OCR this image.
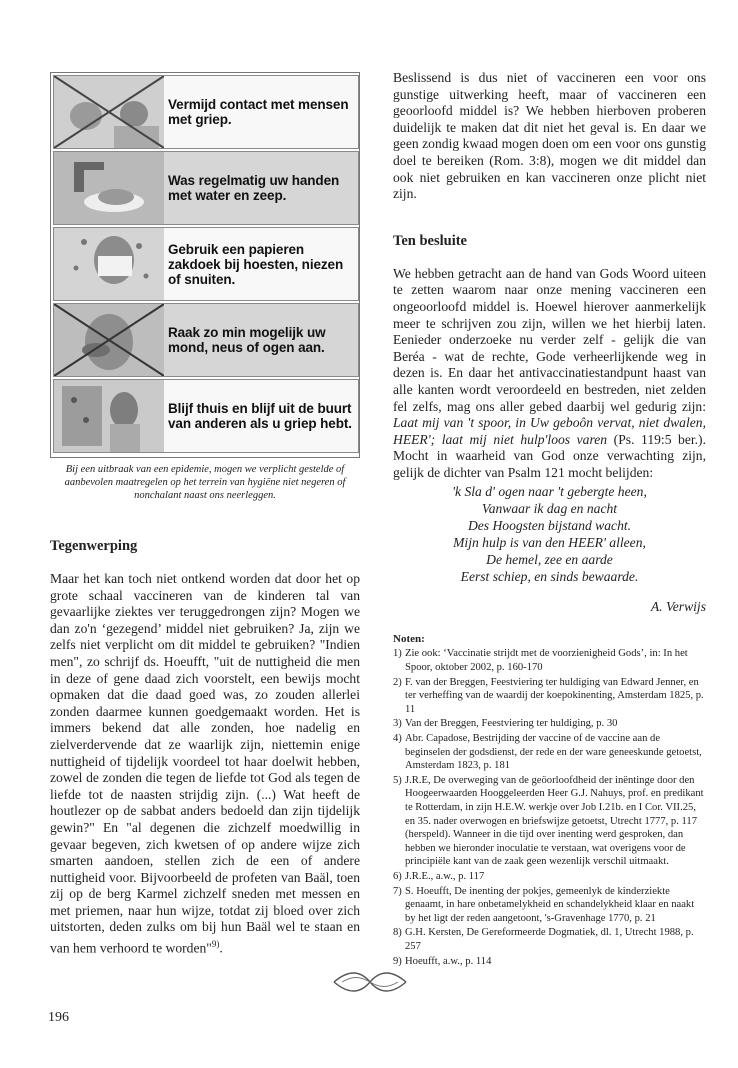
Vermijd contact met mensen met griep.
Was regelmatig uw handen met water en zeep.
Gebruik een papieren zakdoek bij hoesten, niezen of snuiten.
Raak zo min mogelijk uw mond, neus of ogen aan.
Blijf thuis en blijf uit de buurt van anderen als u griep hebt.

Bij een uitbraak van een epidemie, mogen we verplicht gestelde of aanbevolen maatregelen op het terrein van hygiëne niet negeren of nonchalant naast ons neerleggen.

Tegenwerping

Maar het kan toch niet ontkend worden dat door het op grote schaal vaccineren van de kinderen tal van gevaarlijke ziektes ver teruggedrongen zijn? Mogen we dan zo'n ‘gezegend’ middel niet gebruiken? Ja, zijn we zelfs niet verplicht om dit middel te gebruiken? "Indien men", zo schrijf ds. Hoeufft, "uit de nuttigheid die men in deze of gene daad zich voorstelt, een bewijs mocht opmaken dat die daad goed was, zo zouden allerlei zonden daarmee kunnen goedgemaakt worden. Het is immers bekend dat alle zonden, hoe nadelig en zielverdervende dat ze waarlijk zijn, niettemin enige nuttigheid of tijdelijk voordeel tot haar doelwit hebben, zowel de zonden die tegen de liefde tot God als tegen de liefde tot de naasten strijdig zijn. (...) Wat heeft de houtlezer op de sabbat anders bedoeld dan zijn tijdelijk gewin?" En "al degenen die zichzelf moedwillig in gevaar begeven, zich kwetsen of op andere wijze zich smarten aandoen, stellen zich de een of andere nuttigheid voor. Bijvoorbeeld de profeten van Baäl, toen zij op de berg Karmel zichzelf sneden met messen en met priemen, naar hun wijze, totdat zij bloed over zich uitstorten, deden zulks om bij hun Baäl wel te staan en van hem verhoord te worden"$^{9)}$.

Beslissend is dus niet of vaccineren een voor ons gunstige uitwerking heeft, maar of vaccineren een geoorloofd middel is? We hebben hierboven proberen duidelijk te maken dat dit niet het geval is. En daar we geen zondig kwaad mogen doen om een voor ons gunstig doel te bereiken (Rom. 3:8), mogen we dit middel dan ook niet gebruiken en kan vaccineren onze plicht niet zijn.

Ten besluite

We hebben getracht aan de hand van Gods Woord uiteen te zetten waarom naar onze mening vaccineren een ongeoorloofd middel is. Hoewel hierover aanmerkelijk meer te schrijven zou zijn, willen we het hierbij laten. Eenieder onderzoeke nu verder zelf - gelijk die van Beréa - wat de rechte, Gode verheerlijkende weg in dezen is. En daar het antivaccinatiestandpunt haast van alle kanten wordt veroordeeld en bestreden, niet zelden fel zelfs, mag ons aller gebed daarbij wel gedurig zijn: Laat mij van 't spoor, in Uw geboôn vervat, niet dwalen, HEER'; laat mij niet hulp'loos varen (Ps. 119:5 ber.). Mocht in waarheid van God onze verwachting zijn, gelijk de dichter van Psalm 121 mocht belijden:

'k Sla d' ogen naar 't gebergte heen,

Vanwaar ik dag en nacht

Des Hoogsten bijstand wacht.

Mijn hulp is van den HEER' alleen,

De hemel, zee en aarde

Eerst schiep, en sinds bewaarde.

A. Verwijs

Noten:

1) Zie ook: ‘Vaccinatie strijdt met de voorzienigheid Gods’, in: In het Spoor, oktober 2002, p. 160-170
2) F. van der Breggen, Feestviering ter huldiging van Edward Jenner, en ter verheffing van de waardij der koepokinenting, Amsterdam 1825, p. 11
3) Van der Breggen, Feestviering ter huldiging, p. 30
4) Abr. Capadose, Bestrijding der vaccine of de vaccine aan de beginselen der godsdienst, der rede en der ware geneeskunde getoetst, Amsterdam 1823, p. 181
5) J.R.E, De overweging van de geöorloofdheid der inëntinge door den Hoogeerwaarden Hooggeleerden Heer G.J. Nahuys, prof. en predikant te Rotterdam, in zijn H.E.W. werkje over Job I.21b. en I Cor. VII.25, en 35. nader overwogen en briefswijze getoetst, Utrecht 1777, p. 117 (herspeld). Wanneer in die tijd over inenting werd gesproken, dan hebben we hieronder inoculatie te verstaan, wat overigens voor de principiële kant van de zaak geen wezenlijk verschil uitmaakt.
6) J.R.E., a.w., p. 117
7) S. Hoeufft, De inenting der pokjes, gemeenlyk de kinderziekte genaamt, in hare onbetamelykheid en schandelykheid klaar en naakt by het ligt der reden aangetoont, 's-Gravenhage 1770, p. 21
8) G.H. Kersten, De Gereformeerde Dogmatiek, dl. 1, Utrecht 1988, p. 257
9) Hoeufft, a.w., p. 114
196
